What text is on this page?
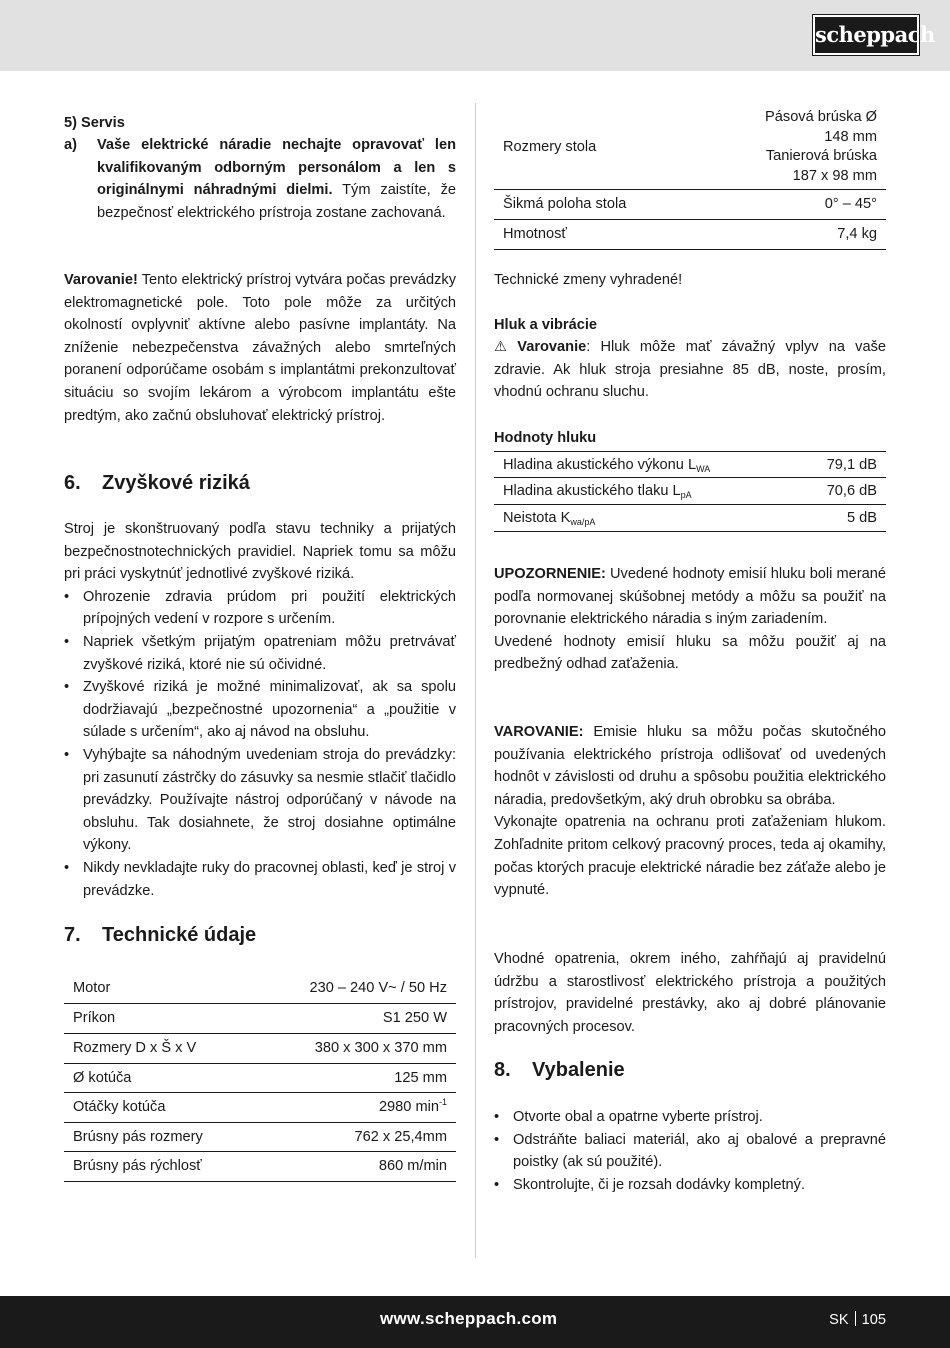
scheppach
5) Servis
a) Vaše elektrické náradie nechajte opravovať len kvalifikovaným odborným personálom a len s originálnymi náhradnými dielmi. Tým zaistíte, že bezpečnosť elektrického prístroja zostane zachovaná.

Varovanie! Tento elektrický prístroj vytvára počas prevádzky elektromagnetické pole. Toto pole môže za určitých okolností ovplyvniť aktívne alebo pasívne implantáty. Na zníženie nebezpečenstva závažných alebo smrteľných poranení odporúčame osobám s implantátmi prekonzultovať situáciu so svojím lekárom a výrobcom implantátu ešte predtým, ako začnú obsluhovať elektrický prístroj.

6. Zvyškové riziká

Stroj je skonštruovaný podľa stavu techniky a prijatých bezpečnostnotechnických pravidiel. Napriek tomu sa môžu pri práci vyskytnúť jednotlivé zvyškové riziká.

• Ohrozenie zdravia prúdom pri použití elektrických prípojných vedení v rozpore s určením.
• Napriek všetkým prijatým opatreniam môžu pretrvávať zvyškové riziká, ktoré nie sú očividné.
• Zvyškové riziká je možné minimalizovať, ak sa spolu dodržiavajú „bezpečnostné upozornenia“ a „použitie v súlade s určením“, ako aj návod na obsluhu.
• Vyhýbajte sa náhodným uvedeniam stroja do prevádzky: pri zasunutí zástrčky do zásuvky sa nesmie stlačiť tlačidlo prevádzky. Používajte nástroj odporúčaný v návode na obsluhu. Tak dosiahnete, že stroj dosiahne optimálne výkony.
• Nikdy nevkladajte ruky do pracovnej oblasti, keď je stroj v prevádzke.
7. Technické údaje
Motor	230 – 240 V~ / 50 Hz
Príkon	S1 250 W
Rozmery D x Š x V	380 x 300 x 370 mm
Ø kotúča	125 mm
Otáčky kotúča	2980 $\min^{-1}$
Brúsny pás rozmery	762 x 25,4mm
Brúsny pás rýchlosť	860 m/min
Rozmery stola	Pásová brúska Ø
148 mm
Tanierová brúska
187 x 98 mm

Šikmá poloha stola	0° – 45°
Hmotnosť	7,4 kg

Technické zmeny vyhradené!

Hluk a vibrácie

⚠ Varovanie: Hluk môže mať závažný vplyv na vaše zdravie. Ak hluk stroja presiahne 85 dB, noste, prosím, vhodnú ochranu sluchu.

Hodnoty hluku
Hladina akustického výkonu $L_{WA}$	79,1 dB
Hladina akustického tlaku $L_{pA}$	70,6 dB
Neistota $K_{wa/pA}$	5 dB

UPOZORNENIE: Uvedené hodnoty emisií hluku boli merané podľa normovanej skúšobnej metódy a môžu sa použiť na porovnanie elektrického náradia s iným zariadením.

Uvedené hodnoty emisií hluku sa môžu použiť aj na predbežný odhad zaťaženia.

VAROVANIE: Emisie hluku sa môžu počas skutočného používania elektrického prístroja odlišovať od uvedených hodnôt v závislosti od druhu a spôsobu použitia elektrického náradia, predovšetkým, aký druh obrobku sa obrába.

Vykonajte opatrenia na ochranu proti zaťaženiam hlukom. Zohľadnite pritom celkový pracovný proces, teda aj okamihy, počas ktorých pracuje elektrické náradie bez záťaže alebo je vypnuté.

Vhodné opatrenia, okrem iného, zahŕňajú aj pravidelnú údržbu a starostlivosť elektrického prístroja a použitých prístrojov, pravidelné prestávky, ako aj dobré plánovanie pracovných procesov.

8. Vybalenie
• Otvorte obal a opatrne vyberte prístroj.
• Odstráňte baliaci materiál, ako aj obalové a prepravné poistky (ak sú použité).
• Skontrolujte, či je rozsah dodávky kompletný.
www.scheppach.com	SK 105
